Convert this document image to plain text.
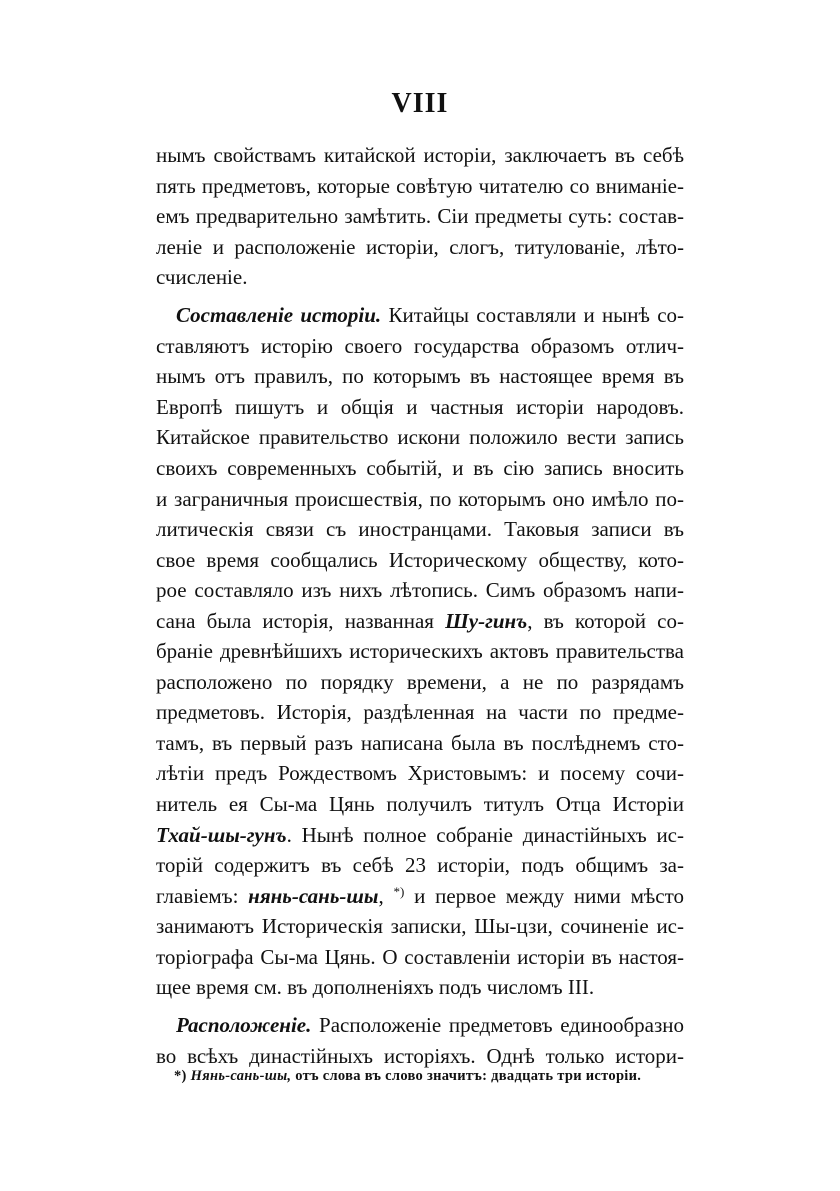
VIII
нымъ свойствамъ китайской исторіи, заключаетъ въ себѣ
пять предметовъ, которые совѣтую читателю со вниманіе-
емъ предварительно замѣтить. Сіи предметы суть: состав-
леніе и расположеніе исторіи, слогъ, титулованіе, лѣто-
счисленіе.
Составленіе исторіи. Китайцы составляли и нынѣ со-
ставляютъ исторію своего государства образомъ отлич-
нымъ отъ правилъ, по которымъ въ настоящее время въ
Европѣ пишутъ и общія и частныя исторіи народовъ.
Китайское правительство искони положило вести запись
своихъ современныхъ событій, и въ сію запись вносить
и заграничныя происшествія, по которымъ оно имѣло по-
литическія связи съ иностранцами. Таковыя записи въ
свое время сообщались Историческому обществу, кото-
рое составляло изъ нихъ лѣтопись. Симъ образомъ напи-
сана была исторія, названная Шу-гинъ, въ которой со-
браніе древнѣйшихъ историческихъ актовъ правительства
расположено по порядку времени, а не по разрядамъ
предметовъ. Исторія, раздѣленная на части по предме-
тамъ, въ первый разъ написана была въ послѣднемъ сто-
лѣтіи предъ Рождествомъ Христовымъ: и посему сочи-
нитель ея Сы-ма Цянь получилъ титулъ Отца Исторіи
Тхай-шы-гунъ. Нынѣ полное собраніе династійныхъ ис-
торій содержитъ въ себѣ 23 исторіи, подъ общимъ за-
главіемъ: нянь-сань-шы, *) и первое между ними мѣсто
занимаютъ Историческія записки, Шы-цзи, сочиненіе ис-
торіографа Сы-ма Цянь. О составленіи исторіи въ настоя-
щее время см. въ дополненіяхъ подъ числомъ III.
Расположеніе. Расположеніе предметовъ единообразно
во всѣхъ династійныхъ исторіяхъ. Однѣ только истори-
*) Нянь-сань-шы, отъ слова въ слово значитъ: двадцать три исторіи.
